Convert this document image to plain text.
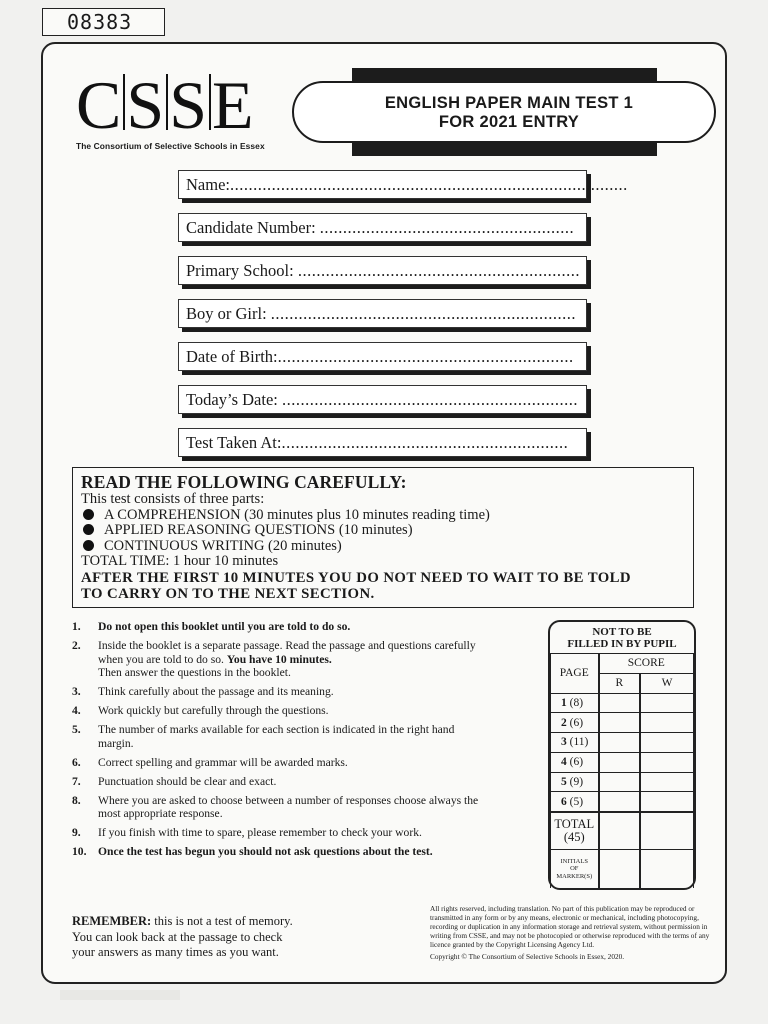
08383
CSSE
The Consortium of Selective Schools in Essex
ENGLISH PAPER MAIN TEST 1
FOR 2021 ENTRY
Name:......................................................................................
Candidate Number: .......................................................
Primary School: .............................................................
Boy or Girl: ..................................................................
Date of Birth:................................................................
Today’s Date: ................................................................
Test Taken At:..............................................................
READ THE FOLLOWING CAREFULLY:
This test consists of three parts:
A COMPREHENSION (30 minutes plus 10 minutes reading time)
APPLIED REASONING QUESTIONS (10 minutes)
CONTINUOUS WRITING (20 minutes)
TOTAL TIME: 1 hour 10 minutes
AFTER THE FIRST 10 MINUTES YOU DO NOT NEED TO WAIT TO BE TOLD
TO CARRY ON TO THE NEXT SECTION.
1. Do not open this booklet until you are told to do so.
2. Inside the booklet is a separate passage. Read the passage and questions carefully when you are told to do so. You have 10 minutes.
Then answer the questions in the booklet.
3. Think carefully about the passage and its meaning.
4. Work quickly but carefully through the questions.
5. The number of marks available for each section is indicated in the right hand margin.
6. Correct spelling and grammar will be awarded marks.
7. Punctuation should be clear and exact.
8. Where you are asked to choose between a number of responses choose always the most appropriate response.
9. If you finish with time to spare, please remember to check your work.
10. Once the test has begun you should not ask questions about the test.
NOT TO BE
FILLED IN BY PUPIL		
PAGE	SCORE	
	R	W
1 (8)		
2 (6)		
3 (11)		
4 (6)		
5 (9)		
6 (5)		
TOTAL
(45)		
INITIALS
OF
MARKER(S)		
REMEMBER: this is not a test of memory.
You can look back at the passage to check
your answers as many times as you want.
All rights reserved, including translation. No part of this publication may be reproduced or transmitted in any form or by any means, electronic or mechanical, including photocopying, recording or duplication in any information storage and retrieval system, without permission in writing from CSSE, and may not be photocopied or otherwise reproduced with the terms of any licence granted by the Copyright Licensing Agency Ltd.
Copyright © The Consortium of Selective Schools in Essex, 2020.
